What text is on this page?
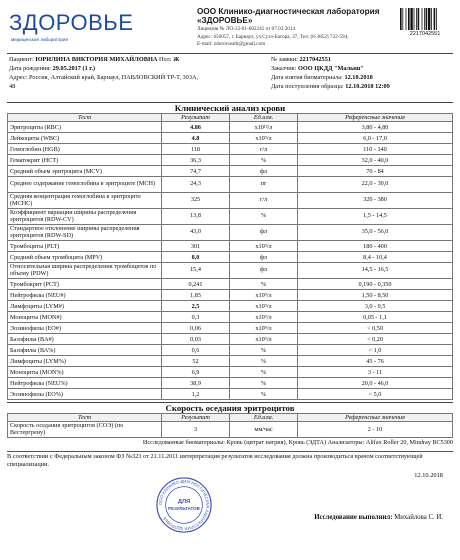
ЗДОРОВЬЕ
медицинская лаборатория
ООО Клинико-диагностическая лаборатория
«ЗДОРОВЬЕ»
Лицензия № ЛО-22-01-002245 от 07.03.2014
Адрес: 656057, г. Барнаул, ул.Сухэ-Батора, 37, Тел: (8-3852) 722-594,
E-mail: zdoroviealb@gmail.com
2217042551
Пациент: ЮРИЛИНА ВИКТОРИЯ МИХАЙЛОВНА Пол: Ж	№ заявки: 2217042551
Дата рождения: 29.05.2017 (1 г.)	Заказчик: ООО ЦКДД "Малыш"
Адрес: Россия, Алтайский край, Барнаул, ПАВЛОВСКИЙ ТР-Т, 303А,	Дата взятия биоматериала: 12.10.2018
48	Дата поступления образца: 12.10.2018 12:09
Клинический анализ крови
Тест	Результат	Ед.изм.	Референсные значения
Эритроциты (RBC)	4.86	x10¹²/л	3,80 - 4,80
Лейкоциты (WBC)	4.8	x10⁹/л	6,0 - 17,0
Гемоглобин (HGB)	118	г/л	110 - 140
Гематокрит (НСТ)	36,3	%	32,0 - 40,0
Средний объем эритроцита (MCV)	74,7	фл	70 - 84
Среднее содержание гемоглобина в эритроците (МСН)	24,3	пг	22,0 - 30,0
Средняя концентрация гемоглобина в эритроците (МСНС)	325	г/л	320 - 380
Коэффициент вариации ширины распределения эритроцитов (RDW-CV)	13,8	%	1,5 - 14,5
Стандартное отклонение ширины распределения эритроцитов (RDW-SD)	43,0	фл	35,0 - 56,0
Тромбоциты (PLT)	301	x10⁹/л	180 - 400
Средний объем тромбоцита (MPV)	8,0	фл	8,4 - 10,4
Относительная ширина распределения тромбоцитов по объему (PDW)	15,4	фл	14,5 - 16,5
Тромбокрит (РСТ)	0,241	%	0,190 - 0,350
Нейтрофилы (NEU#)	1,85	x10⁹/л	1,50 - 8,50
Лимфоциты (LYM#)	2,5	x10⁹/л	3,0 - 9,5
Моноциты (MON#)	0,3	x10⁹/л	0,05 - 1,1
Эозинофилы (EO#)	0,06	x10⁹/л	< 0,50
Базофилы (BA#)	0,03	x10⁹/л	< 0,20
Базофилы (ВА%)	0,6	%	< 1,0
Лимфоциты (LYM%)	52	%	45 - 76
Моноциты (MON%)	6,9	%	3 - 11
Нейтрофилы (NEU%)	38,9	%	20,0 - 46,0
Эозинофилы (EO%)	1,2	%	< 5,0
Скорость оседания эритроцитов
Тест	Результат	Ед.изм.	Референсные значения
Скорость оседания эритроцитов (СОЭ) (по Вестергрену)	3	мм/час	2 - 10
Исследованные биоматериалы: Кровь (цитрат натрия), Кровь (ЭДТА) Анализаторы: Alifax Roller 20, Mindray BC5300
В соответствии с Федеральным законом ФЗ №323 от 21.11.2011 интерпретация результатов исследования должна производиться врачом соответствующей специализации.
ООО КЛИНИКО-ДИАГНОСТИЧЕСКАЯ ЛАБОРАТОРИЯ ЗДОРОВЬЕ
ДЛЯ
РЕЗУЛЬТАТОВ
12.10.2018
Исследование выполнил: Михайлова С. И.
